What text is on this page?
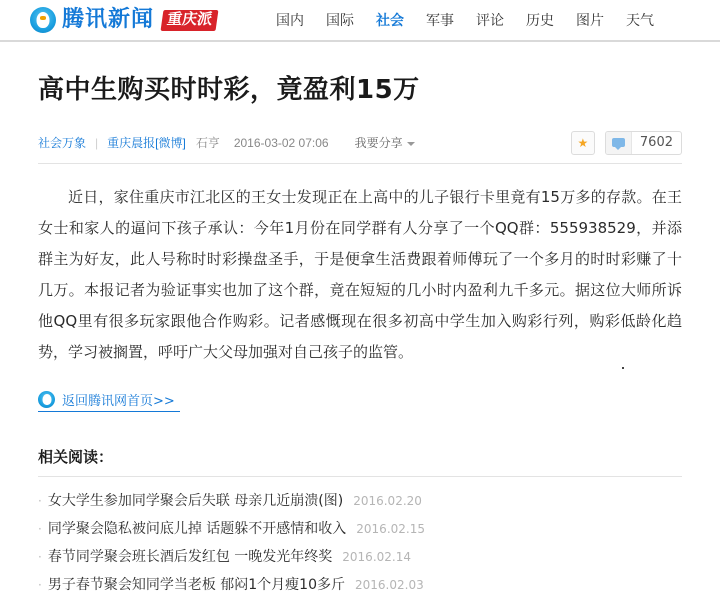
腾讯新闻 重庆派	国内	国际	社会	军事	评论	历史	图片	天气
高中生购买时时彩，竟盈利15万
社会万象 | 重庆晨报[微博] 石亨 2016-03-02 07:06 我要分享	★	7602

近日，家住重庆市江北区的王女士发现正在上高中的儿子银行卡里竟有15万多的存款。在王女士和家人的逼问下孩子承认：今年1月份在同学群有人分享了一个QQ群：555938529，并添群主为好友，此人号称时时彩操盘圣手，于是便拿生活费跟着师傅玩了一个多月的时时彩赚了十几万。本报记者为验证事实也加了这个群，竟在短短的几小时内盈利九千多元。据这位大师所诉他QQ里有很多玩家跟他合作购彩。记者感慨现在很多初高中学生加入购彩行列，购彩低龄化趋势，学习被搁置，呼吁广大父母加强对自己孩子的监管。

返回腾讯网首页>>
相关阅读：
· 女大学生参加同学聚会后失联 母亲几近崩溃(图) 2016.02.20
· 同学聚会隐私被问底儿掉 话题躲不开感情和收入 2016.02.15
· 春节同学聚会班长酒后发红包 一晚发光年终奖 2016.02.14
· 男子春节聚会知同学当老板 郁闷1个月瘦10多斤 2016.02.03
